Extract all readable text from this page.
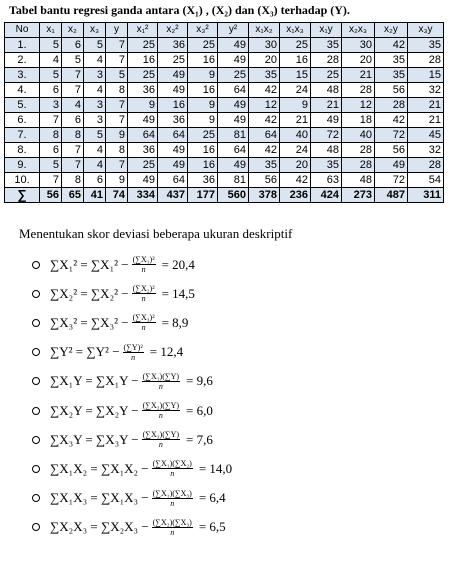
Tabel bantu regresi ganda antara (X₁) , (X₂) dan (X₃) terhadap (Y).
No	x₁	x₂	x₃	y	x₁²	x₂²	x₃²	y²	x₁x₂	x₁x₃	x₁y	x₂x₃	x₂y	x₃y
1.	5	6	5	7	25	36	25	49	30	25	35	30	42	35
2.	4	5	4	7	16	25	16	49	20	16	28	20	35	28
3.	5	7	3	5	25	49	9	25	35	15	25	21	35	15
4.	6	7	4	8	36	49	16	64	42	24	48	28	56	32
5.	3	4	3	7	9	16	9	49	12	9	21	12	28	21
6.	7	6	3	7	49	36	9	49	42	21	49	18	42	21
7.	8	8	5	9	64	64	25	81	64	40	72	40	72	45
8.	6	7	4	8	36	49	16	64	42	24	48	28	56	32
9.	5	7	4	7	25	49	16	49	35	20	35	28	49	28
10.	7	8	6	9	49	64	36	81	56	42	63	48	72	54
∑	56	65	41	74	334	437	177	560	378	236	424	273	487	311
Menentukan skor deviasi beberapa ukuran deskriptif
$\sum X_1^2 = \sum X_1^2 - \frac{\text{(∑X₁)²}}{n} = 20,4$
$\sum X_2^2 = \sum X_2^2 - \frac{\text{(∑X₂)²}}{n} = 14,5$
$\sum X_3^2 = \sum X_3^2 - \frac{\text{(∑X₃)²}}{n} = 8,9$
$\sum Y^2 = \sum Y^2 - \frac{\text{(∑Y)²}}{n} = 12,4$
$\sum X_1Y = \sum X_1Y - \frac{\text{(∑X₁)(∑Y)}}{n} = 9,6$
$\sum X_2Y = \sum X_2Y - \frac{\text{(∑X₂)(∑Y)}}{n} = 6,0$
$\sum X_3Y = \sum X_3Y - \frac{\text{(∑X₃)(∑Y)}}{n} = 7,6$
$\sum X_1X_2 = \sum X_1X_2 - \frac{\text{(∑X₁)(∑X₂)}}{n} = 14,0$
$\sum X_1X_3 = \sum X_1X_3 - \frac{\text{(∑X₁)(∑X₃)}}{n} = 6,4$
$\sum X_2X_3 = \sum X_2X_3 - \frac{\text{(∑X₂)(∑X₃)}}{n} = 6,5$
